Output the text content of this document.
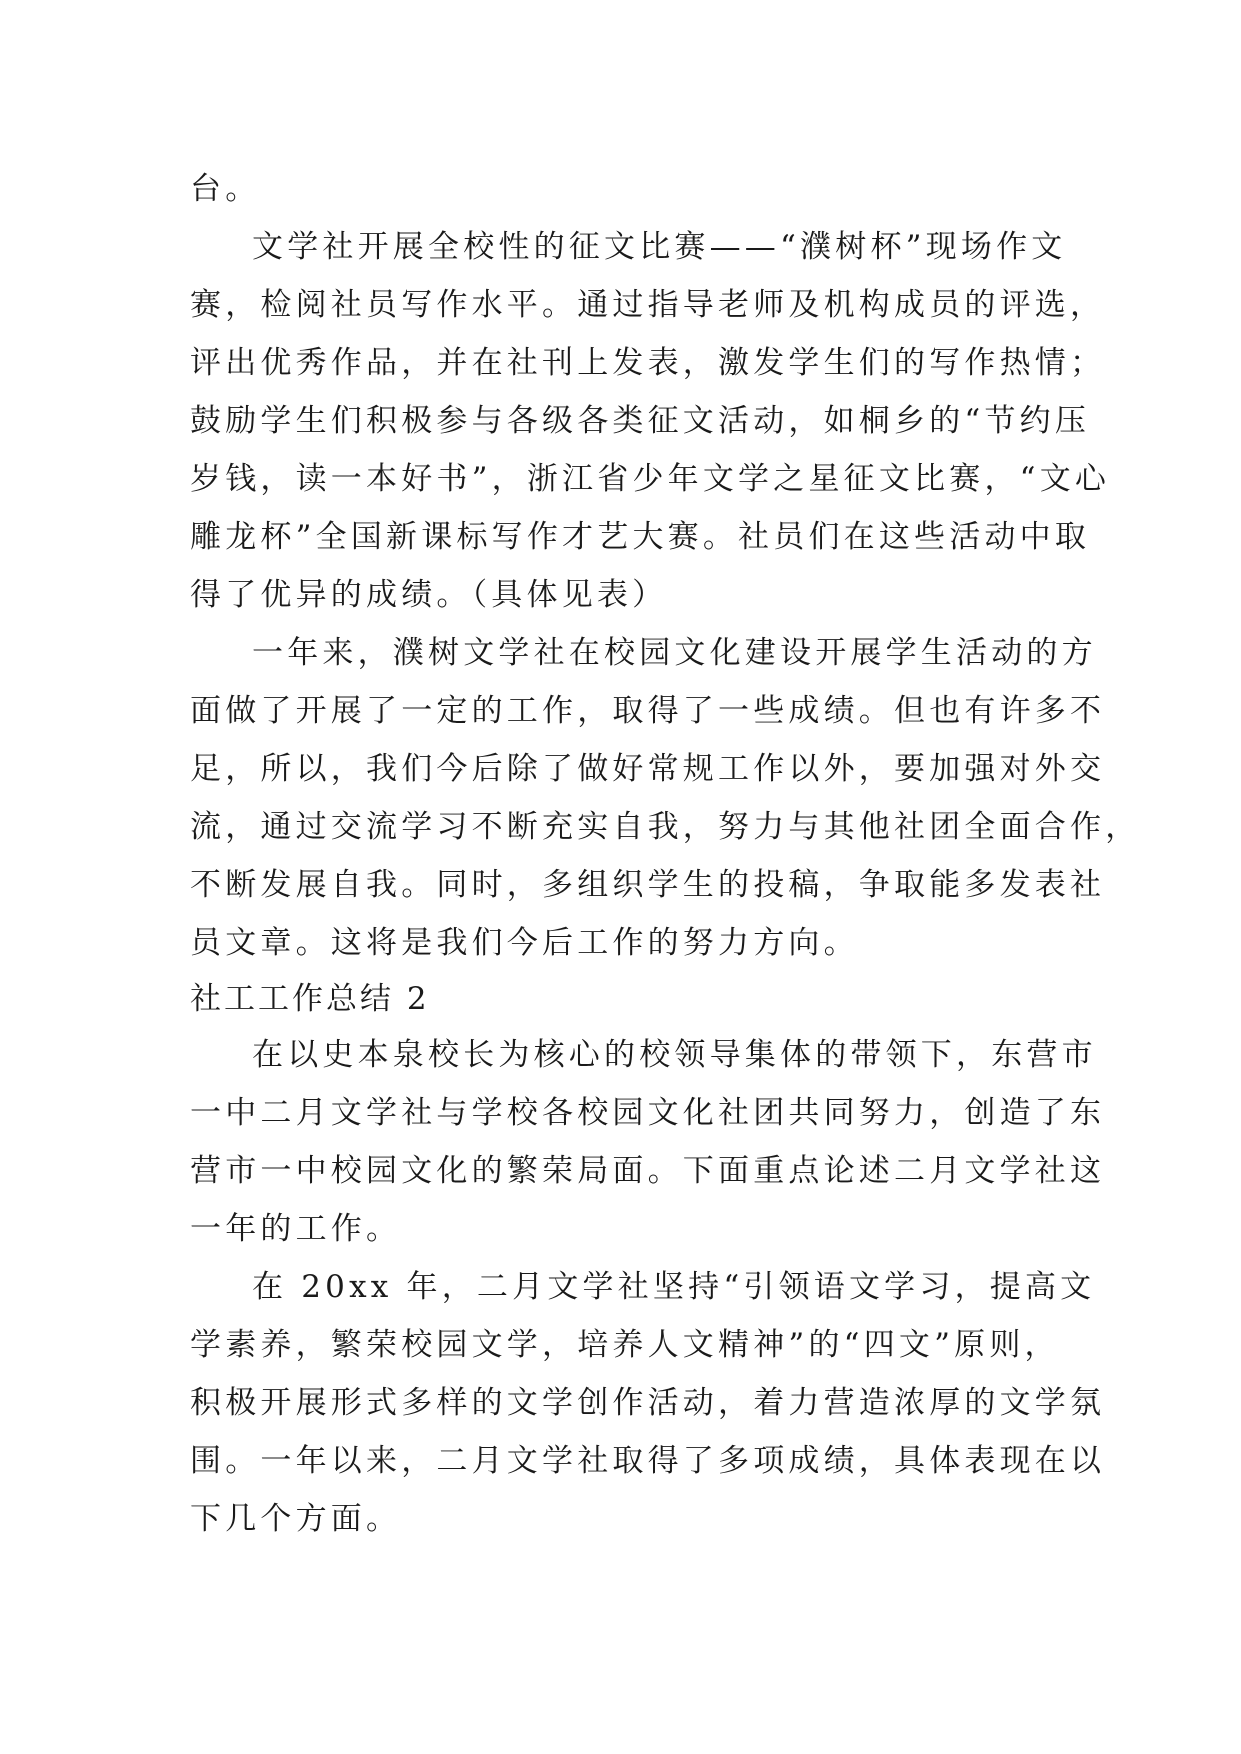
台。
文学社开展全校性的征文比赛——“濮树杯”现场作文
赛，检阅社员写作水平。通过指导老师及机构成员的评选，
评出优秀作品，并在社刊上发表，激发学生们的写作热情；
鼓励学生们积极参与各级各类征文活动，如桐乡的“节约压
岁钱，读一本好书”，浙江省少年文学之星征文比赛，“文心
雕龙杯”全国新课标写作才艺大赛。社员们在这些活动中取
得了优异的成绩。（具体见表）
一年来，濮树文学社在校园文化建设开展学生活动的方
面做了开展了一定的工作，取得了一些成绩。但也有许多不
足，所以，我们今后除了做好常规工作以外，要加强对外交
流，通过交流学习不断充实自我，努力与其他社团全面合作，
不断发展自我。同时，多组织学生的投稿，争取能多发表社
员文章。这将是我们今后工作的努力方向。
社工工作总结 2
在以史本泉校长为核心的校领导集体的带领下，东营市
一中二月文学社与学校各校园文化社团共同努力，创造了东
营市一中校园文化的繁荣局面。下面重点论述二月文学社这
一年的工作。
在 20xx 年，二月文学社坚持“引领语文学习，提高文
学素养，繁荣校园文学，培养人文精神”的“四文”原则，
积极开展形式多样的文学创作活动，着力营造浓厚的文学氛
围。一年以来，二月文学社取得了多项成绩，具体表现在以
下几个方面。
